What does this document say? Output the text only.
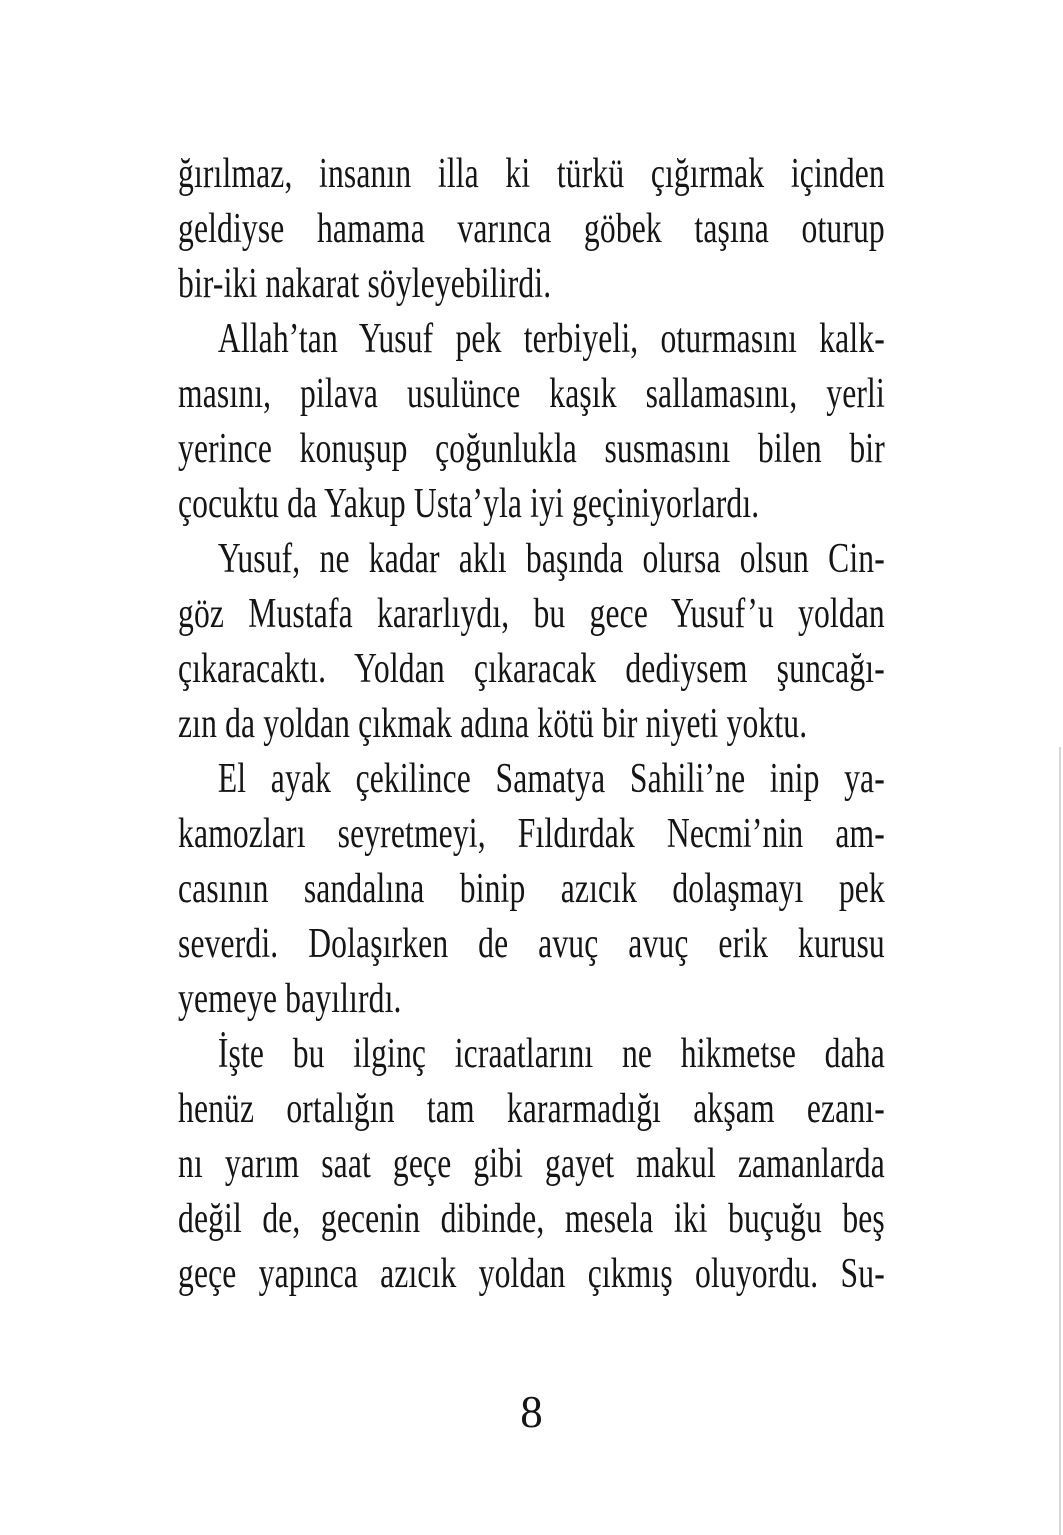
ğırılmaz, insanın illa ki türkü çığırmak içinden
geldiyse hamama varınca göbek taşına oturup
bir-iki nakarat söyleyebilirdi.
Allah’tan Yusuf pek terbiyeli, oturmasını kalk-
masını, pilava usulünce kaşık sallamasını, yerli
yerince konuşup çoğunlukla susmasını bilen bir
çocuktu da Yakup Usta’yla iyi geçiniyorlardı.
Yusuf, ne kadar aklı başında olursa olsun Cin-
göz Mustafa kararlıydı, bu gece Yusuf’u yoldan
çıkaracaktı. Yoldan çıkaracak dediysem şuncağı-
zın da yoldan çıkmak adına kötü bir niyeti yoktu.
El ayak çekilince Samatya Sahili’ne inip ya-
kamozları seyretmeyi, Fıldırdak Necmi’nin am-
casının sandalına binip azıcık dolaşmayı pek
severdi. Dolaşırken de avuç avuç erik kurusu
yemeye bayılırdı.
İşte bu ilginç icraatlarını ne hikmetse daha
henüz ortalığın tam kararmadığı akşam ezanı-
nı yarım saat geçe gibi gayet makul zamanlarda
değil de, gecenin dibinde, mesela iki buçuğu beş
geçe yapınca azıcık yoldan çıkmış oluyordu. Su-
8
